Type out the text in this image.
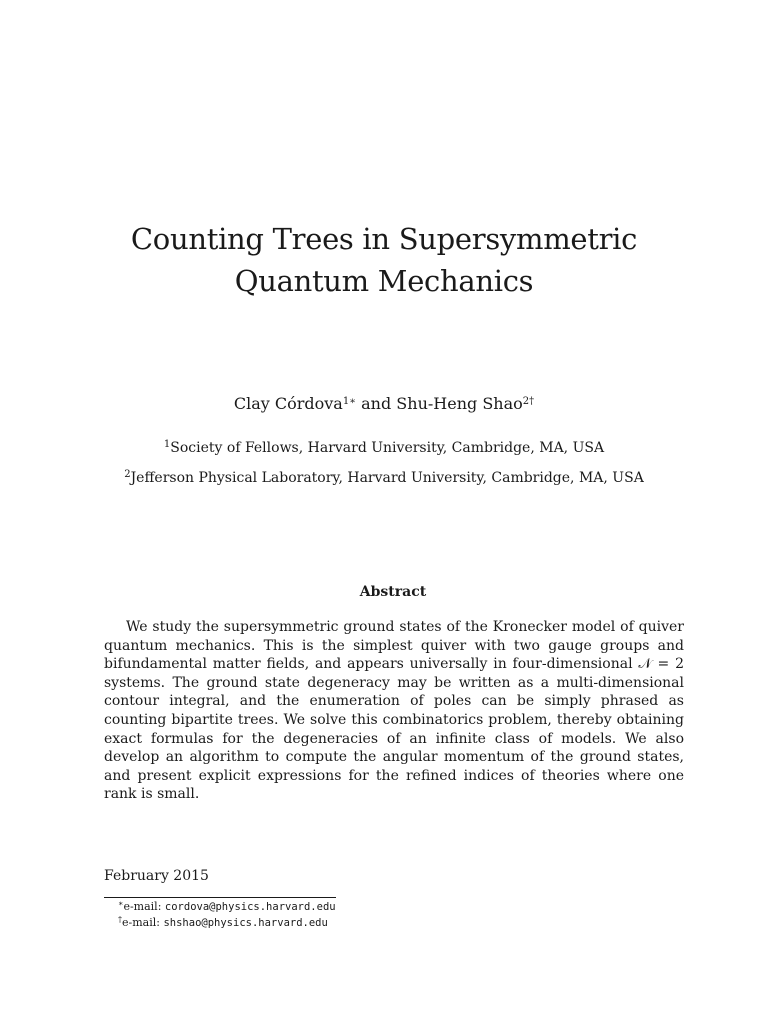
Counting Trees in Supersymmetric Quantum Mechanics
Clay Córdova$^{1∗}$ and Shu-Heng Shao$^{2\dagger}$
$^1$Society of Fellows, Harvard University, Cambridge, MA, USA
$^2$Jefferson Physical Laboratory, Harvard University, Cambridge, MA, USA
Abstract
We study the supersymmetric ground states of the Kronecker model of quiver quantum mechanics. This is the simplest quiver with two gauge groups and bifundamental matter fields, and appears universally in four-dimensional 𝒩 = 2 systems. The ground state degeneracy may be written as a multi-dimensional contour integral, and the enumeration of poles can be simply phrased as counting bipartite trees. We solve this combinatorics problem, thereby obtaining exact formulas for the degeneracies of an infinite class of models. We also develop an algorithm to compute the angular momentum of the ground states, and present explicit expressions for the refined indices of theories where one rank is small.
February 2015
∗e-mail: cordova@physics.harvard.edu
†e-mail: shshao@physics.harvard.edu
